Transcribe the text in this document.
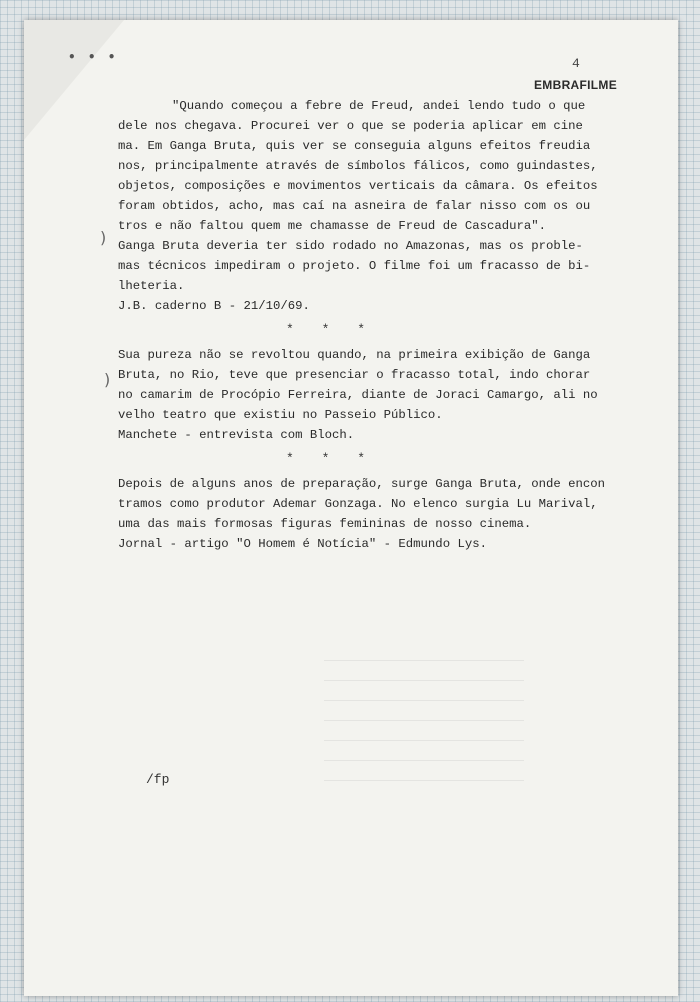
• • •	4
EMBRAFILME
)
)

"Quando começou a febre de Freud, andei lendo tudo o que

dele nos chegava. Procurei ver o que se poderia aplicar em cine

ma. Em Ganga Bruta, quis ver se conseguia alguns efeitos freudia

nos, principalmente através de símbolos fálicos, como guindastes,

objetos, composições e movimentos verticais da câmara. Os efeitos

foram obtidos, acho, mas caí na asneira de falar nisso com os ou

tros e não faltou quem me chamasse de Freud de Cascadura".

Ganga Bruta deveria ter sido rodado no Amazonas, mas os proble-

mas técnicos impediram o projeto. O filme foi um fracasso de bi-

lheteria.

J.B. caderno B - 21/10/69.

* * *

Sua pureza não se revoltou quando, na primeira exibição de Ganga

Bruta, no Rio, teve que presenciar o fracasso total, indo chorar

no camarim de Procópio Ferreira, diante de Joraci Camargo, ali no

velho teatro que existiu no Passeio Público.

Manchete - entrevista com Bloch.

* * *

Depois de alguns anos de preparação, surge Ganga Bruta, onde encon

tramos como produtor Ademar Gonzaga. No elenco surgia Lu Marival,

uma das mais formosas figuras femininas de nosso cinema.

Jornal - artigo "O Homem é Notícia" - Edmundo Lys.

/fp
